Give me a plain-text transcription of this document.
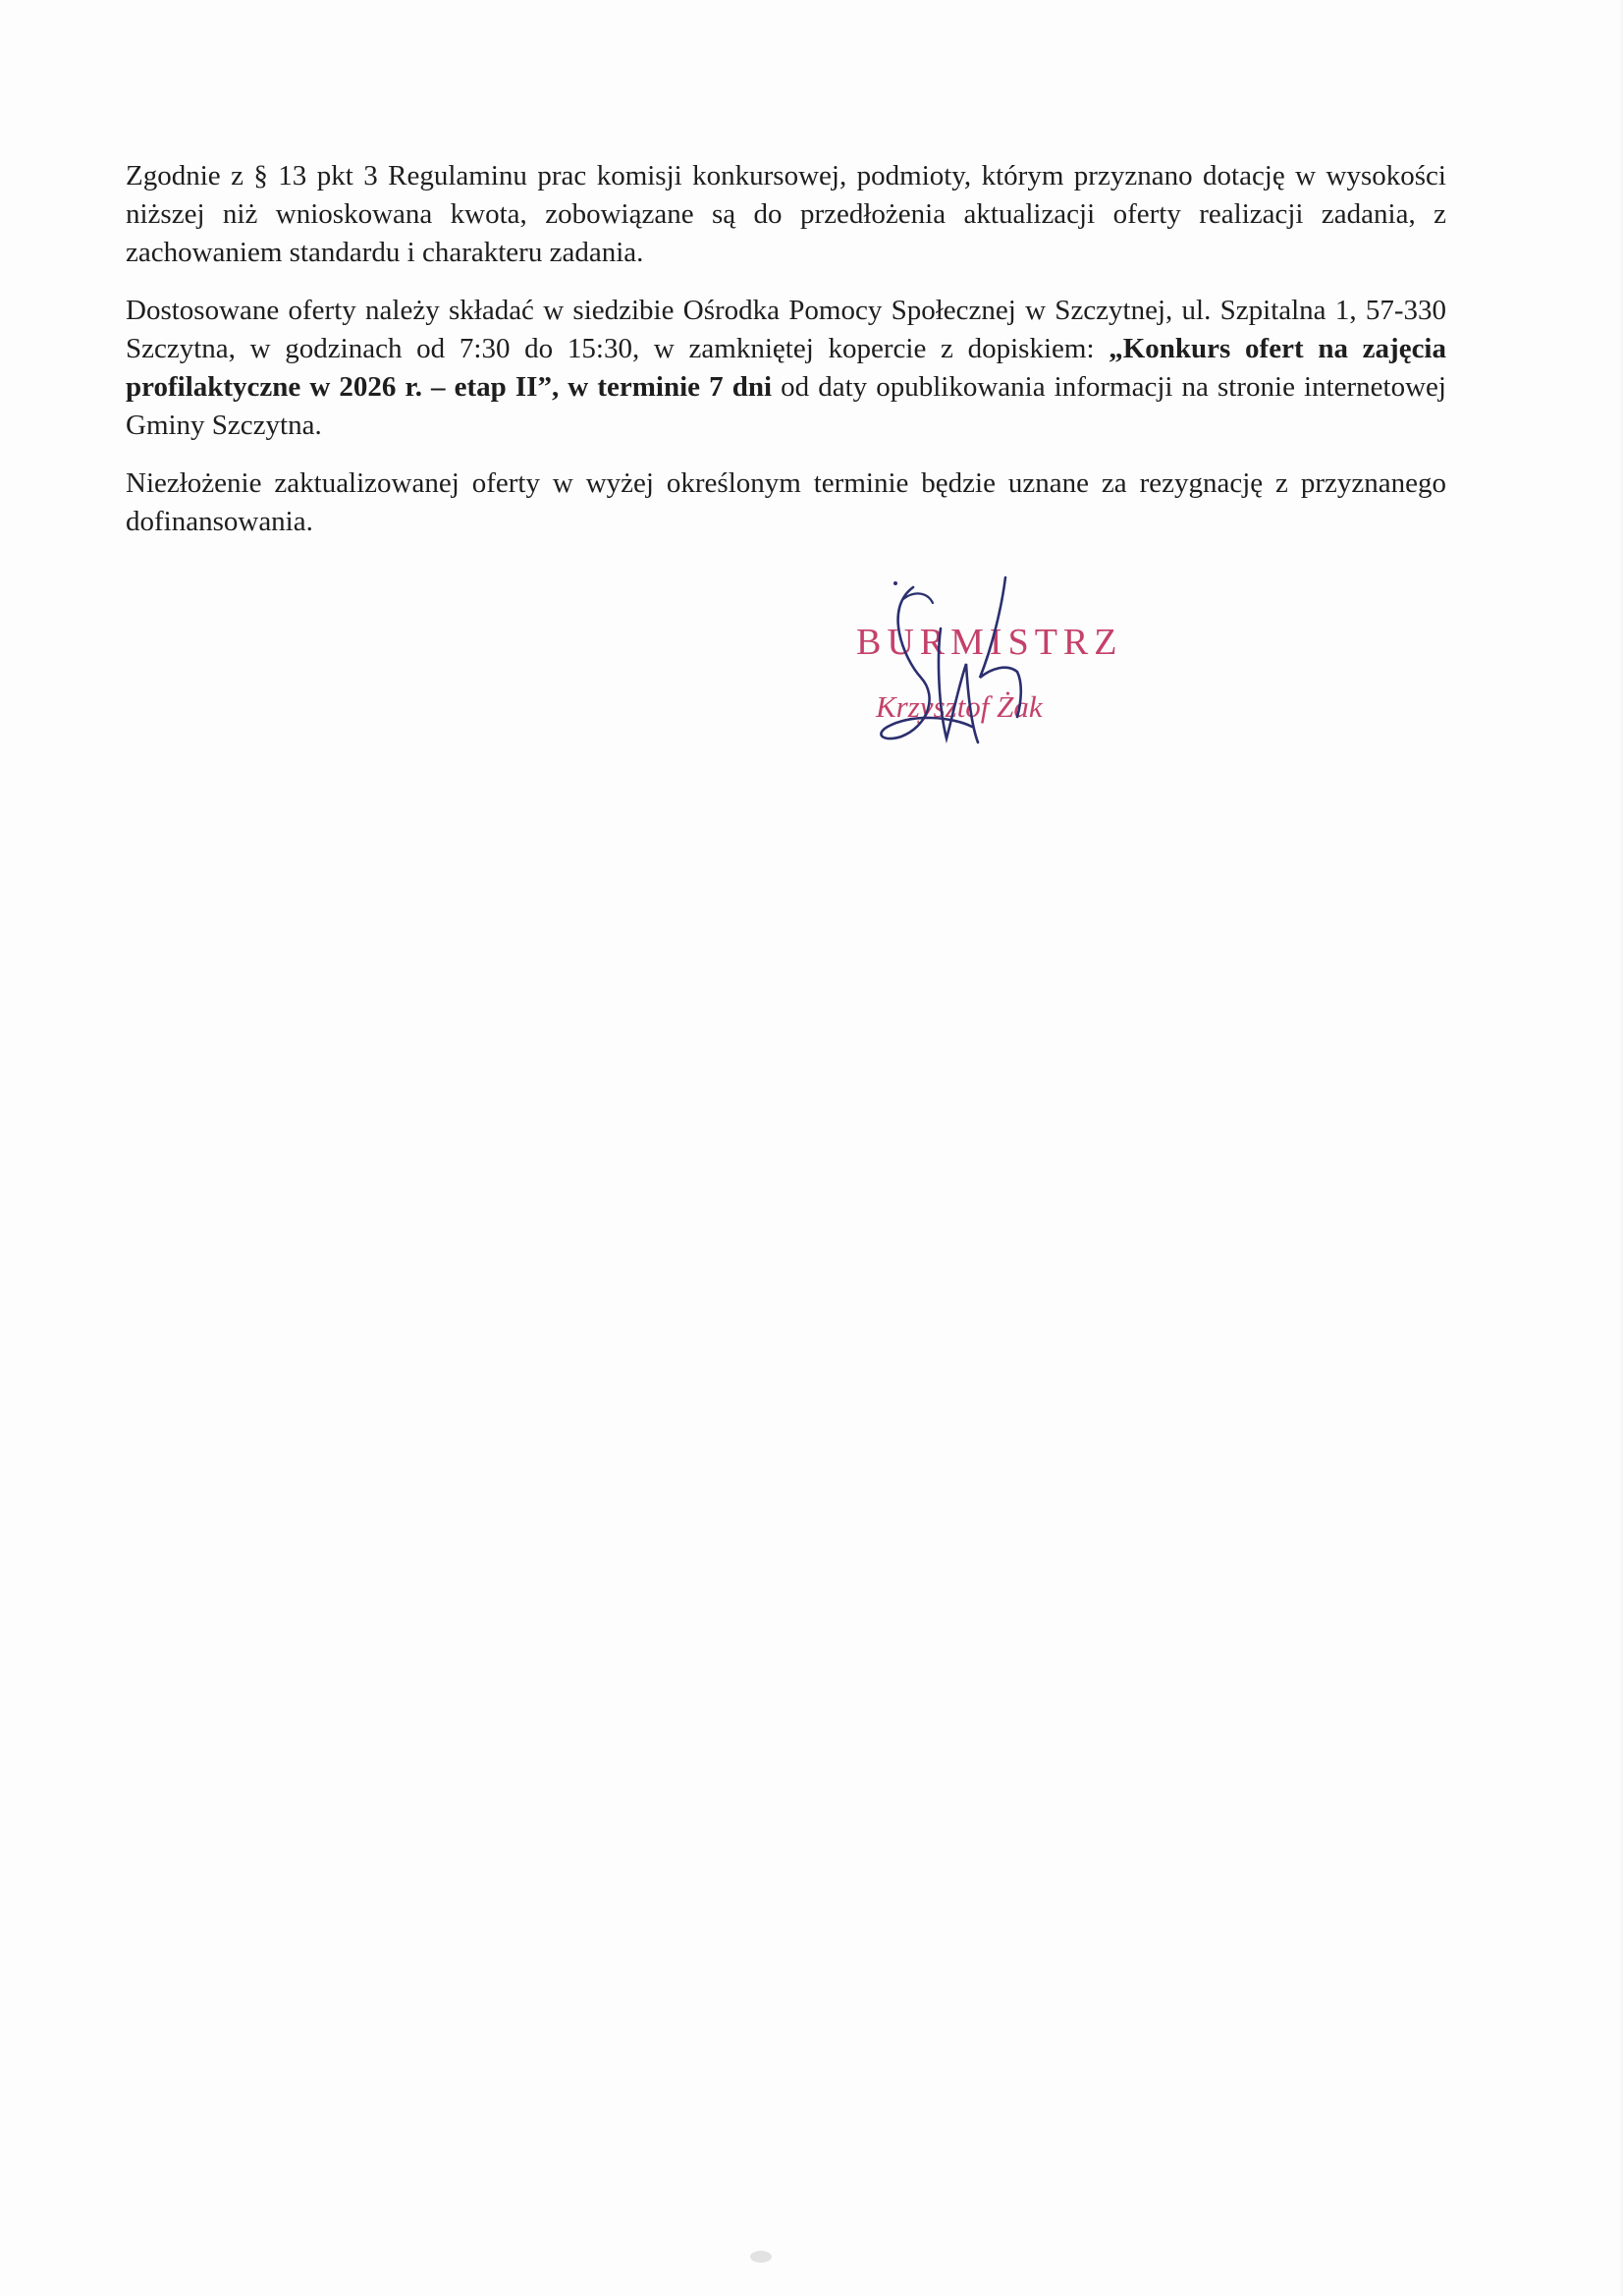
Zgodnie z § 13 pkt 3 Regulaminu prac komisji konkursowej, podmioty, którym przyznano dotację w wysokości niższej niż wnioskowana kwota, zobowiązane są do przedłożenia aktualizacji oferty realizacji zadania, z zachowaniem standardu i charakteru zadania.

Dostosowane oferty należy składać w siedzibie Ośrodka Pomocy Społecznej w Szczytnej, ul. Szpitalna 1, 57-330 Szczytna, w godzinach od 7:30 do 15:30, w zamkniętej kopercie z dopiskiem: „Konkurs ofert na zajęcia profilaktyczne w 2026 r. – etap II”, w terminie 7 dni od daty opublikowania informacji na stronie internetowej Gminy Szczytna.

Niezłożenie zaktualizowanej oferty w wyżej określonym terminie będzie uznane za rezygnację z przyznanego dofinansowania.

BURMISTRZ
Krzysztof Żak
